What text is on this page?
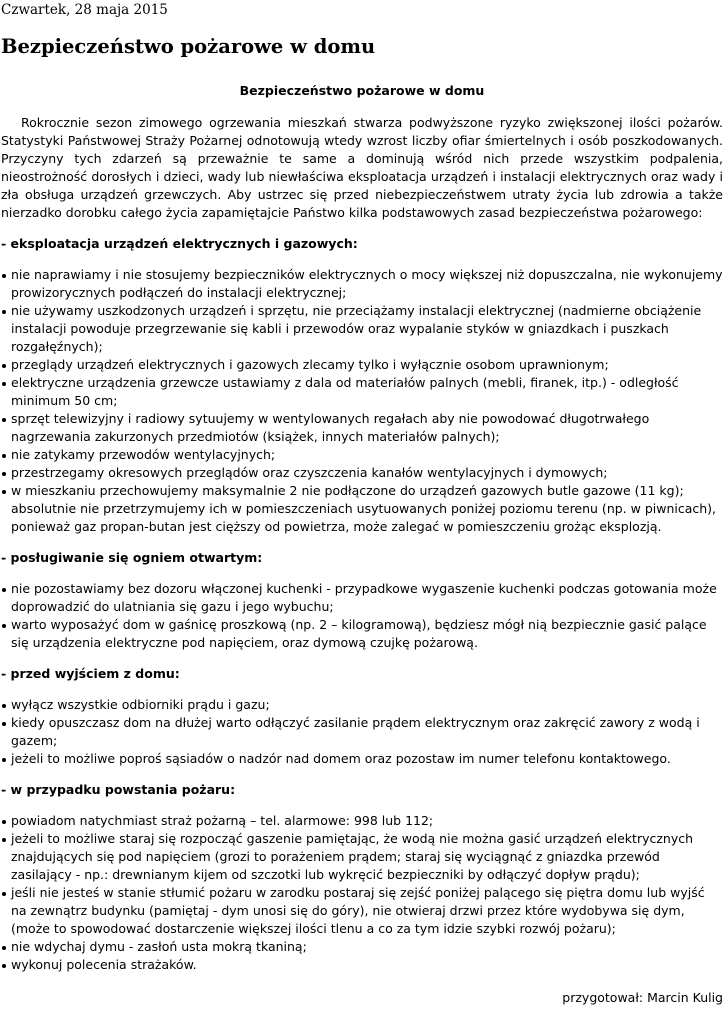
Czwartek, 28 maja 2015
Bezpieczeństwo pożarowe w domu

Bezpieczeństwo pożarowe w domu

Rokrocznie sezon zimowego ogrzewania mieszkań stwarza podwyższone ryzyko zwiększonej ilości pożarów. Statystyki Państwowej Straży Pożarnej odnotowują wtedy wzrost liczby ofiar śmiertelnych i osób poszkodowanych. Przyczyny tych zdarzeń są przeważnie te same a dominują wśród nich przede wszystkim podpalenia, nieostrożność dorosłych i dzieci, wady lub niewłaściwa eksploatacja urządzeń i instalacji elektrycznych oraz wady i zła obsługa urządzeń grzewczych. Aby ustrzec się przed niebezpieczeństwem utraty życia lub zdrowia a także nierzadko dorobku całego życia zapamiętajcie Państwo kilka podstawowych zasad bezpieczeństwa pożarowego:

- eksploatacja urządzeń elektrycznych i gazowych:

nie naprawiamy i nie stosujemy bezpieczników elektrycznych o mocy większej niż dopuszczalna, nie wykonujemy prowizorycznych podłączeń do instalacji elektrycznej;
nie używamy uszkodzonych urządzeń i sprzętu, nie przeciążamy instalacji elektrycznej (nadmierne obciążenie instalacji powoduje przegrzewanie się kabli i przewodów oraz wypalanie styków w gniazdkach i puszkach rozgałęźnych);
przeglądy urządzeń elektrycznych i gazowych zlecamy tylko i wyłącznie osobom uprawnionym;
elektryczne urządzenia grzewcze ustawiamy z dala od materiałów palnych (mebli, firanek, itp.) - odległość minimum 50 cm;
sprzęt telewizyjny i radiowy sytuujemy w wentylowanych regałach aby nie powodować długotrwałego nagrzewania zakurzonych przedmiotów (książek, innych materiałów palnych);
nie zatykamy przewodów wentylacyjnych;
przestrzegamy okresowych przeglądów oraz czyszczenia kanałów wentylacyjnych i dymowych;
w mieszkaniu przechowujemy maksymalnie 2 nie podłączone do urządzeń gazowych butle gazowe (11 kg); absolutnie nie przetrzymujemy ich w pomieszczeniach usytuowanych poniżej poziomu terenu (np. w piwnicach), ponieważ gaz propan-butan jest cięższy od powietrza, może zalegać w pomieszczeniu grożąc eksplozją.

- posługiwanie się ogniem otwartym:

nie pozostawiamy bez dozoru włączonej kuchenki - przypadkowe wygaszenie kuchenki podczas gotowania może doprowadzić do ulatniania się gazu i jego wybuchu;
warto wyposażyć dom w gaśnicę proszkową (np. 2 – kilogramową), będziesz mógł nią bezpiecznie gasić palące się urządzenia elektryczne pod napięciem, oraz dymową czujkę pożarową.

- przed wyjściem z domu:

wyłącz wszystkie odbiorniki prądu i gazu;
kiedy opuszczasz dom na dłużej warto odłączyć zasilanie prądem elektrycznym oraz zakręcić zawory z wodą i gazem;
jeżeli to możliwe poproś sąsiadów o nadzór nad domem oraz pozostaw im numer telefonu kontaktowego.

- w przypadku powstania pożaru:

powiadom natychmiast straż pożarną – tel. alarmowe: 998 lub 112;
jeżeli to możliwe staraj się rozpocząć gaszenie pamiętając, że wodą nie można gasić urządzeń elektrycznych znajdujących się pod napięciem (grozi to porażeniem prądem; staraj się wyciągnąć z gniazdka przewód zasilający - np.: drewnianym kijem od szczotki lub wykręcić bezpieczniki by odłączyć dopływ prądu);
jeśli nie jesteś w stanie stłumić pożaru w zarodku postaraj się zejść poniżej palącego się piętra domu lub wyjść na zewnątrz budynku (pamiętaj - dym unosi się do góry), nie otwieraj drzwi przez które wydobywa się dym, (może to spowodować dostarczenie większej ilości tlenu a co za tym idzie szybki rozwój pożaru);
nie wdychaj dymu - zasłoń usta mokrą tkaniną;
wykonuj polecenia strażaków.
przygotował: Marcin Kulig
